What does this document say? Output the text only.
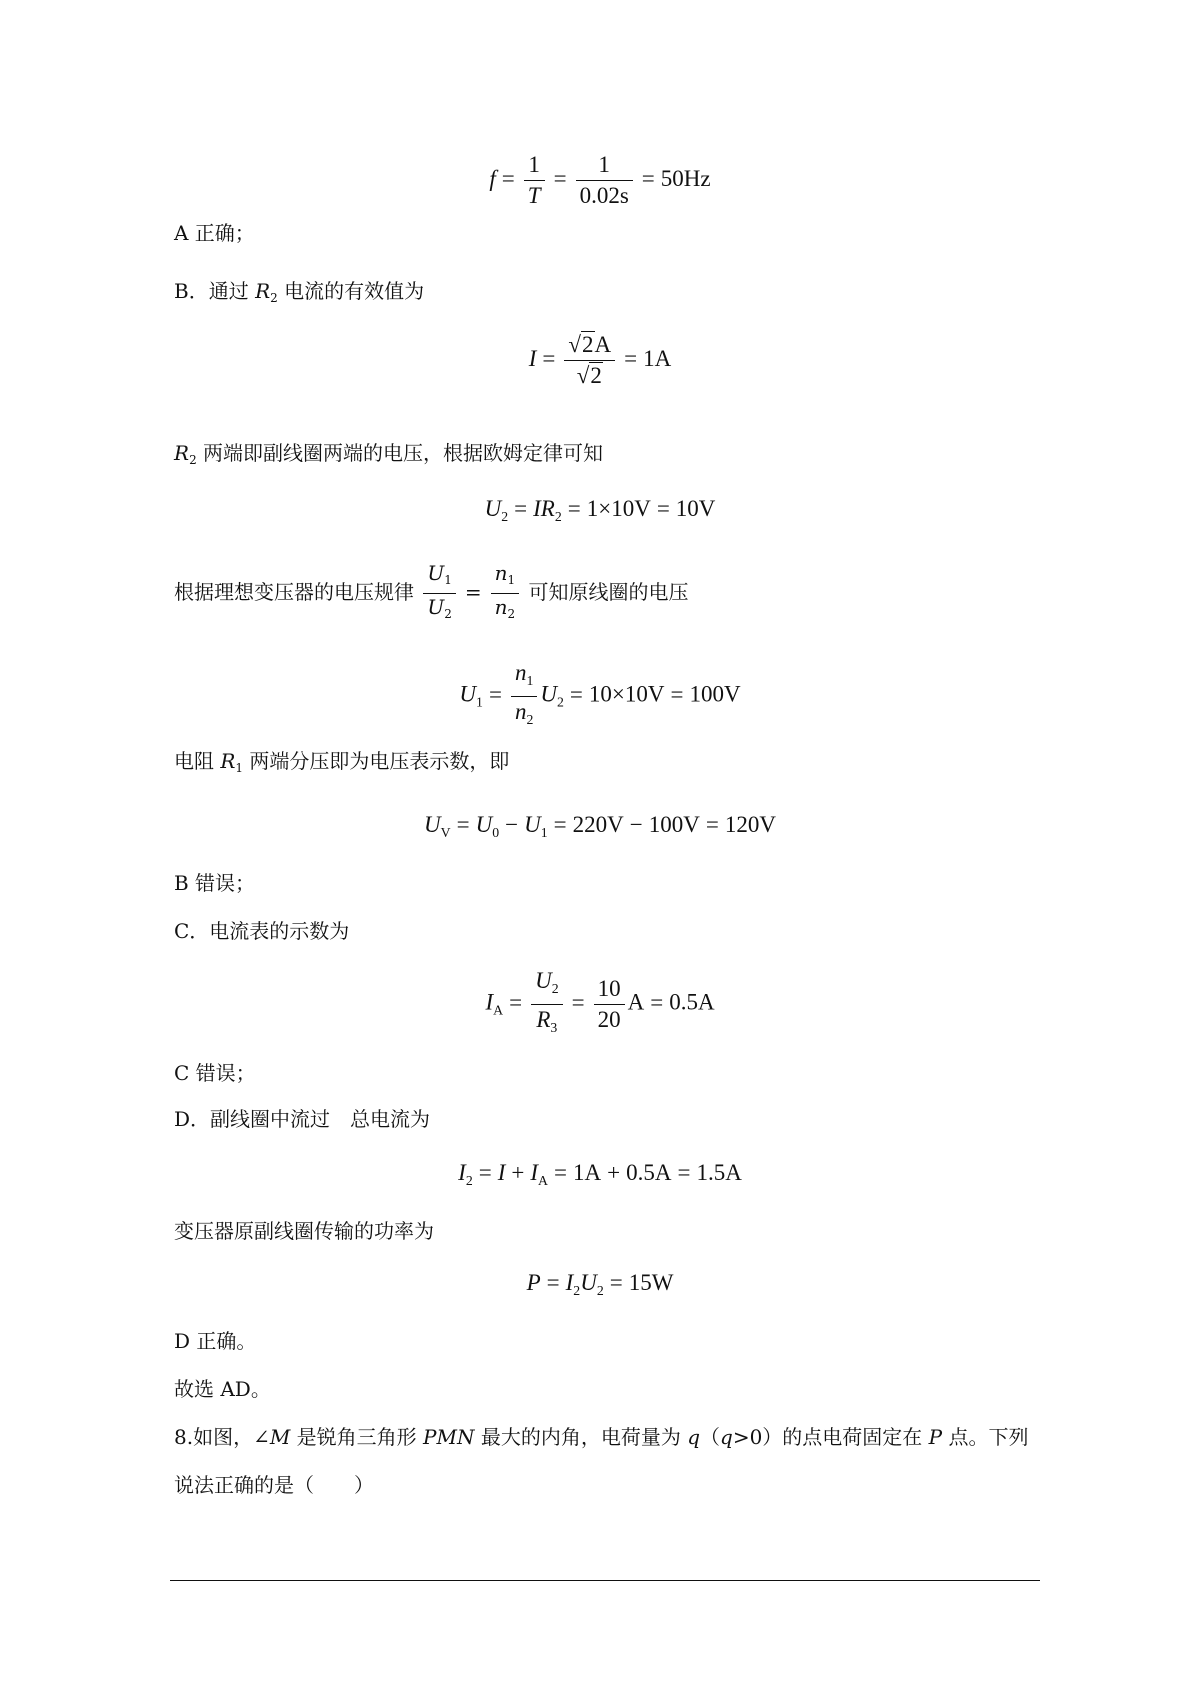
$f = \frac{1}{T} = \frac{1}{0.02s} = 50Hz$
A 正确；
B．通过 $R_2$ 电流的有效值为
$I = \frac{√2A}{√2} = 1A$
$R_2$ 两端即副线圈两端的电压，根据欧姆定律可知
$U_2 = IR_2 = 1\times 10V = 10V$
根据理想变压器的电压规律 $\frac{U_1}{U_2} = \frac{n_1}{n_2}$ 可知原线圈的电压
$U_1 = \frac{n_1}{n_2} U_2 = 10\times 10V = 100V$
电阻 $R_1$ 两端分压即为电压表示数，即
$U_V = U_0 - U_1 = 220V - 100V = 120V$
B 错误；
C．电流表的示数为
$I_A = \frac{U_2}{R_3} = \frac{10}{20}$ A = 0.5A
C 错误；
D．副线圈中流过　总电流为
$I_2 = I + I_A = 1A + 0.5A = 1.5A$
变压器原副线圈传输的功率为
$P = I_2U_2 = 15W$
D 正确。
故选 AD。
8.如图，∠M 是锐角三角形 PMN 最大的内角，电荷量为 q（q>0）的点电荷固定在 P 点。下列
说法正确的是（　　）
